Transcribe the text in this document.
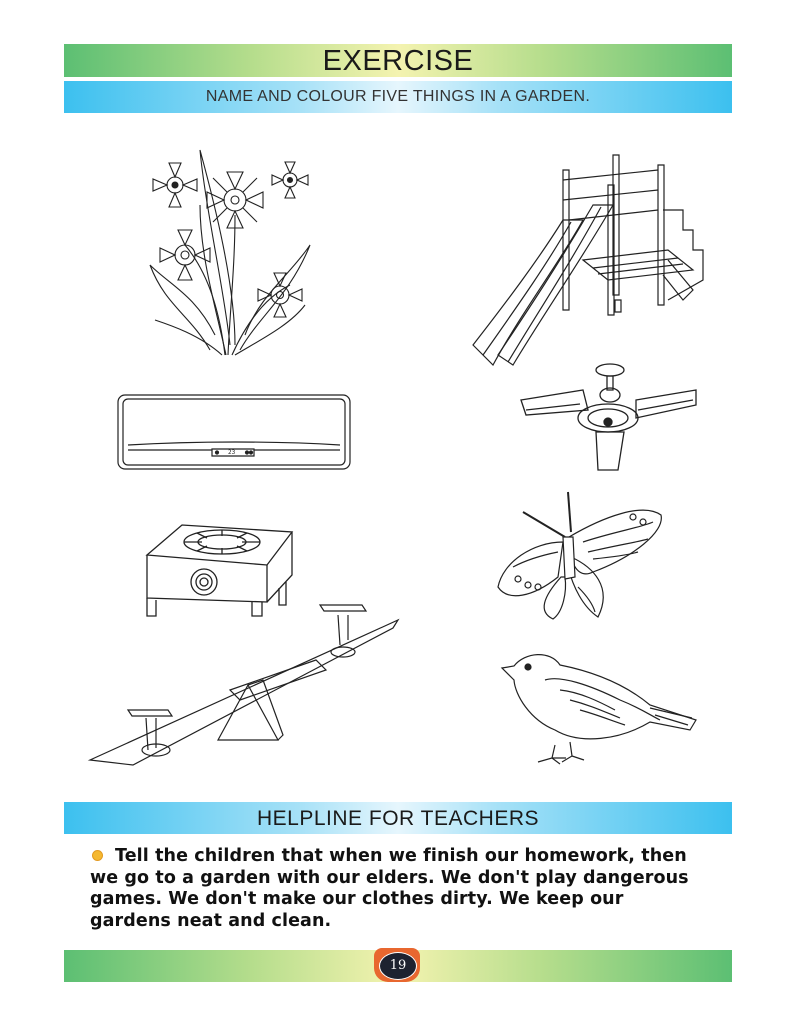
EXERCISE
NAME AND COLOUR FIVE THINGS IN A GARDEN.
23
HELPLINE FOR TEACHERS
Tell the children that when we finish our homework, then we go to a garden with our elders. We don't play dangerous games. We don't make our clothes dirty. We keep our gardens neat and clean.
19
